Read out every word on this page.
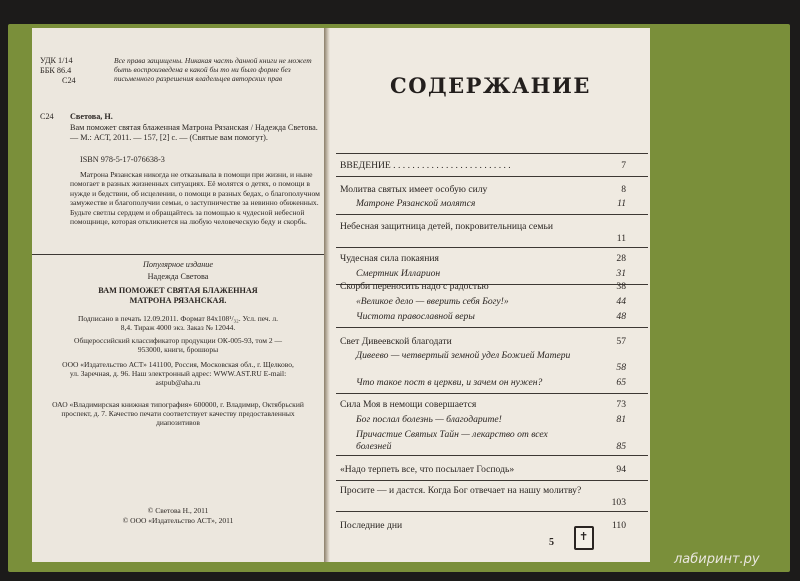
УДК 1/14
ББК 86.4
C24
Все права защищены. Никакая часть данной книги не может быть воспроизведена в какой бы то ни было форме без письменного разрешения владельцев авторских прав
C24 Светова, Н.
Вам поможет святая блаженная Матрона Рязанская / Надежда Светова. — М.: АСТ, 2011. — 157, [2] с. — (Святые вам помогут).
ISBN 978-5-17-076638-3
Матрона Рязанская никогда не отказывала в помощи при жизни, и ныне помогает в разных жизненных ситуациях. Её молятся о детях, о помощи в нужде и бедствии, об исцелении, о помощи в разных бедах, о благополучном замужестве и благополучии семьи, о заступничестве за невинно обиженных. Будьте светлы сердцем и обращайтесь за помощью к чудесной небесной помощнице, которая откликнется на любую человеческую беду и скорбь.
Популярное издание
Надежда Светова
ВАМ ПОМОЖЕТ СВЯТАЯ БЛАЖЕННАЯ
МАТРОНА РЯЗАНСКАЯ.
Подписано в печать 12.09.2011. Формат 84x108¹/₃₂. Усл. печ. л. 8,4. Тираж 4000 экз. Заказ № 12044.
Общероссийский классификатор продукции ОК-005-93, том 2 — 953000, книги, брошюры
ООО «Издательство АСТ» 141100, Россия, Московская обл., г. Щелково, ул. Заречная, д. 96. Наш электронный адрес: WWW.AST.RU E-mail: astpub@aha.ru
ОАО «Владимирская книжная типография» 600000, г. Владимир, Октябрьский проспект, д. 7. Качество печати соответствует качеству предоставленных диапозитивов
© Светова Н., 2011
© ООО «Издательство АСТ», 2011
СОДЕРЖАНИЕ
ВВЕДЕНИЕ . . . . . . . . . . . . . . . . . . . . . . . . .	7
Молитва святых имеет особую силу	8
Матроне Рязанской молятся	11
Небесная защитница детей, покровительница семьи
11
Чудесная сила покаяния	28
Смертник Илларион	31
Скорби переносить надо с радостью	38
«Великое дело — вверить себя Богу!»	44
Чистота православной веры	48
Свет Дивеевской благодати	57
Дивеево — четвертый земной удел Божией Матери
58
Что такое пост в церкви, и зачем он нужен?	65
Сила Моя в немощи совершается	73
Бог послал болезнь — благодарите!	81
Причастие Святых Тайн — лекарство от всех болезней	85
«Надо терпеть все, что посылает Господь»	94
Просите — и дастся. Когда Бог отвечает на нашу молитву?
103
Последние дни	110
5
✝
лабиринт.ру
